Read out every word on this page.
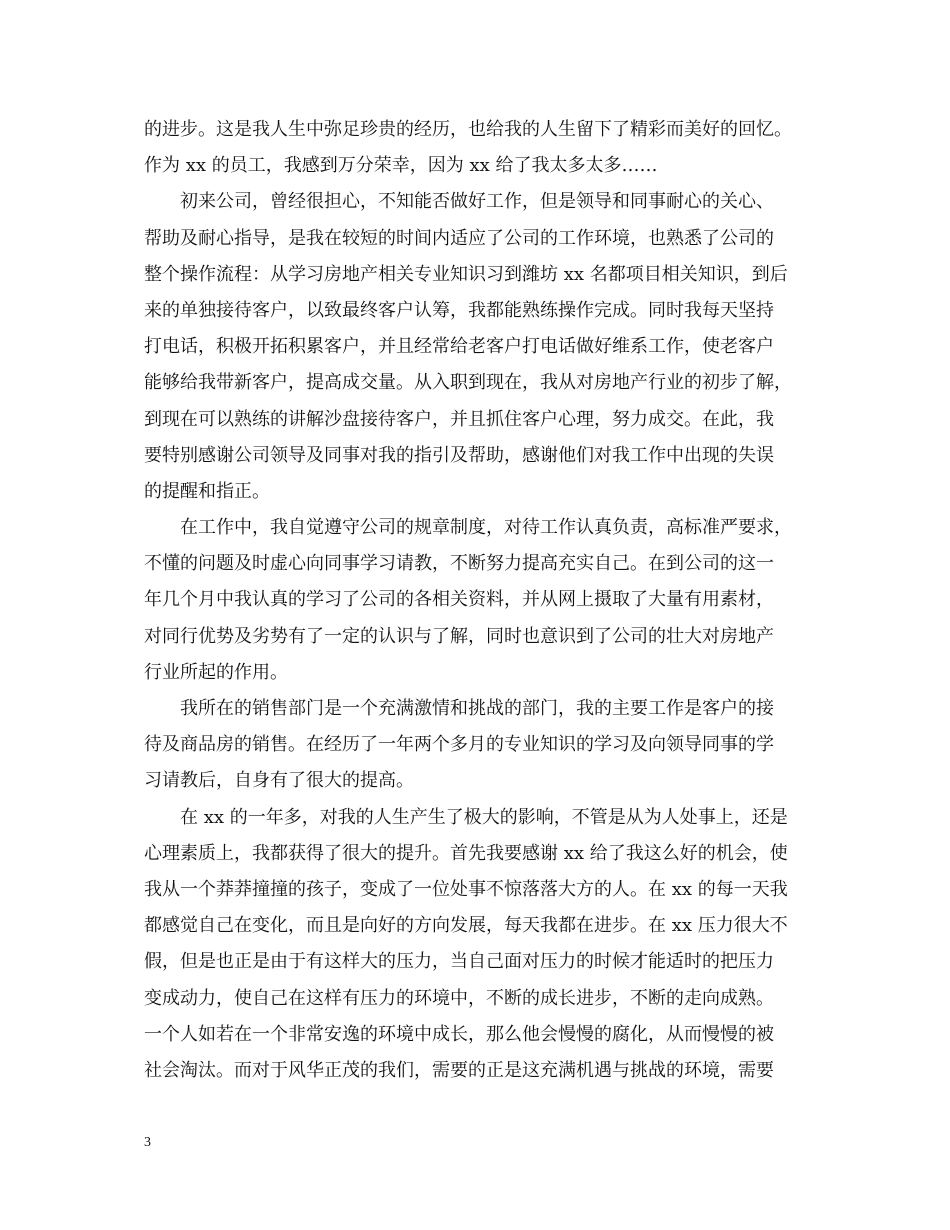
的进步。这是我人生中弥足珍贵的经历，也给我的人生留下了精彩而美好的回忆。
作为 xx 的员工，我感到万分荣幸，因为 xx 给了我太多太多……
初来公司，曾经很担心，不知能否做好工作，但是领导和同事耐心的关心、
帮助及耐心指导，是我在较短的时间内适应了公司的工作环境，也熟悉了公司的
整个操作流程：从学习房地产相关专业知识习到潍坊 xx 名都项目相关知识，到后
来的单独接待客户，以致最终客户认筹，我都能熟练操作完成。同时我每天坚持
打电话，积极开拓积累客户，并且经常给老客户打电话做好维系工作，使老客户
能够给我带新客户，提高成交量。从入职到现在，我从对房地产行业的初步了解，
到现在可以熟练的讲解沙盘接待客户，并且抓住客户心理，努力成交。在此，我
要特别感谢公司领导及同事对我的指引及帮助，感谢他们对我工作中出现的失误
的提醒和指正。
在工作中，我自觉遵守公司的规章制度，对待工作认真负责，高标准严要求，
不懂的问题及时虚心向同事学习请教，不断努力提高充实自己。在到公司的这一
年几个月中我认真的学习了公司的各相关资料，并从网上摄取了大量有用素材，
对同行优势及劣势有了一定的认识与了解，同时也意识到了公司的壮大对房地产
行业所起的作用。
我所在的销售部门是一个充满激情和挑战的部门，我的主要工作是客户的接
待及商品房的销售。在经历了一年两个多月的专业知识的学习及向领导同事的学
习请教后，自身有了很大的提高。
在 xx 的一年多，对我的人生产生了极大的影响，不管是从为人处事上，还是
心理素质上，我都获得了很大的提升。首先我要感谢 xx 给了我这么好的机会，使
我从一个莽莽撞撞的孩子，变成了一位处事不惊落落大方的人。在 xx 的每一天我
都感觉自己在变化，而且是向好的方向发展，每天我都在进步。在 xx 压力很大不
假，但是也正是由于有这样大的压力，当自己面对压力的时候才能适时的把压力
变成动力，使自己在这样有压力的环境中，不断的成长进步，不断的走向成熟。
一个人如若在一个非常安逸的环境中成长，那么他会慢慢的腐化，从而慢慢的被
社会淘汰。而对于风华正茂的我们，需要的正是这充满机遇与挑战的环境，需要
3
